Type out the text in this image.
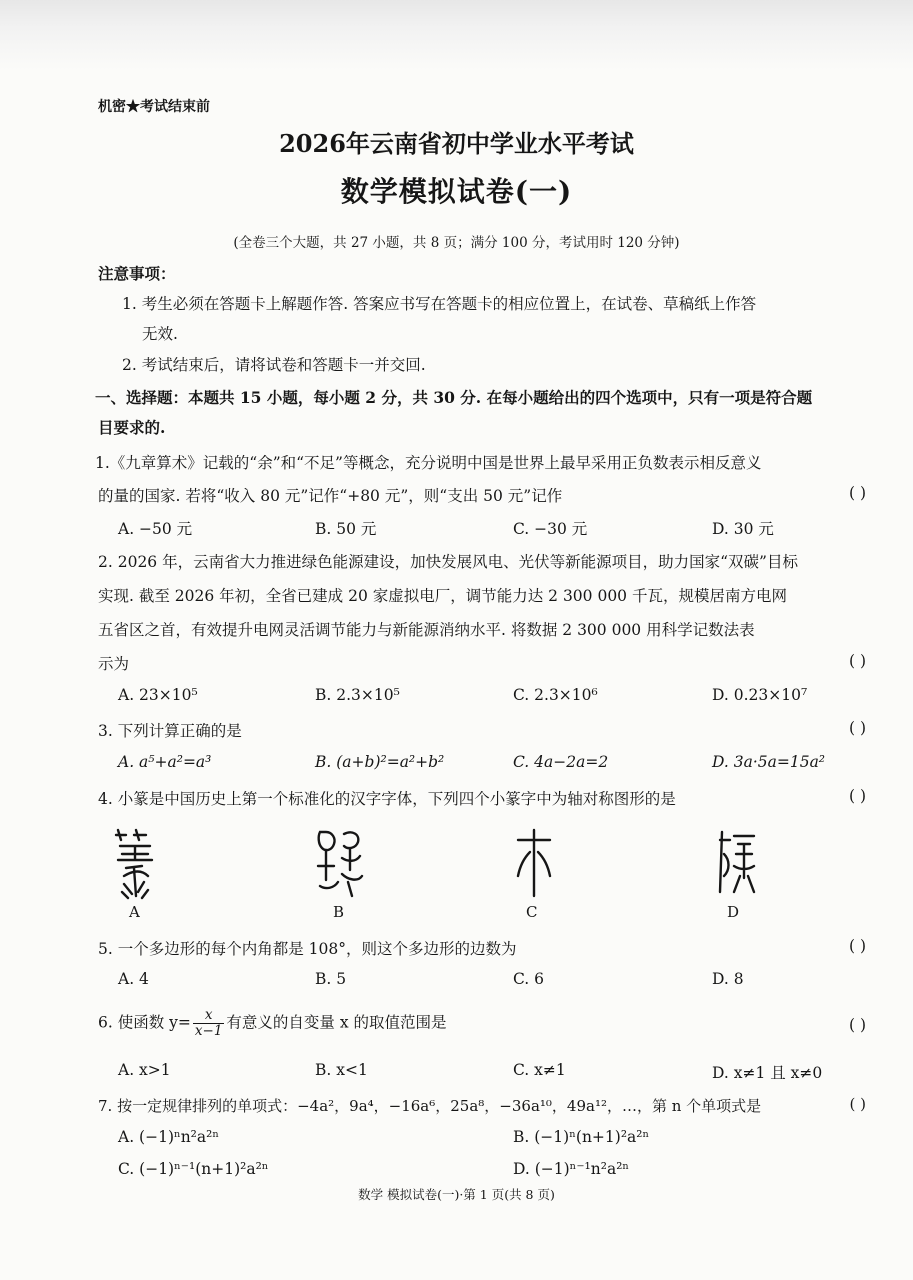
机密★考试结束前
2026年云南省初中学业水平考试
数学模拟试卷(一)
(全卷三个大题，共 27 小题，共 8 页；满分 100 分，考试用时 120 分钟)
注意事项：
1. 考生必须在答题卡上解题作答. 答案应书写在答题卡的相应位置上，在试卷、草稿纸上作答
无效.
2. 考试结束后，请将试卷和答题卡一并交回.
一、选择题：本题共 15 小题，每小题 2 分，共 30 分. 在每小题给出的四个选项中，只有一项是符合题
目要求的.
1.《九章算术》记载的“余”和“不足”等概念，充分说明中国是世界上最早采用正负数表示相反意义
的量的国家. 若将“收入 80 元”记作“+80 元”，则“支出 50 元”记作	( )
A. −50 元	B. 50 元	C. −30 元	D. 30 元
2. 2026 年，云南省大力推进绿色能源建设，加快发展风电、光伏等新能源项目，助力国家“双碳”目标
实现. 截至 2026 年初，全省已建成 20 家虚拟电厂，调节能力达 2 300 000 千瓦，规模居南方电网
五省区之首，有效提升电网灵活调节能力与新能源消纳水平. 将数据 2 300 000 用科学记数法表
示为	( )
A. 23×10⁵	B. 2.3×10⁵	C. 2.3×10⁶	D. 0.23×10⁷
3. 下列计算正确的是	( )
A. a⁵+a²=a³	B. (a+b)²=a²+b²	C. 4a−2a=2	D. 3a·5a=15a²
4. 小篆是中国历史上第一个标准化的汉字字体，下列四个小篆字中为轴对称图形的是	( )
A	B	C	D
5. 一个多边形的每个内角都是 108°，则这个多边形的边数为	( )
A. 4	B. 5	C. 6	D. 8
6. 使函数 $y= \frac{x}{x-1}$ 有意义的自变量 x 的取值范围是	( )
A. x>1	B. x<1	C. x≠1	D. x≠1 且 x≠0
7. 按一定规律排列的单项式：−4a²，9a⁴，−16a⁶，25a⁸，−36a¹⁰，49a¹²，…，第 n 个单项式是	( )
A. (−1)ⁿn²a²ⁿ	B. (−1)ⁿ(n+1)²a²ⁿ
C. (−1)ⁿ⁻¹(n+1)²a²ⁿ	D. (−1)ⁿ⁻¹n²a²ⁿ
数学 模拟试卷(一)·第 1 页(共 8 页)
